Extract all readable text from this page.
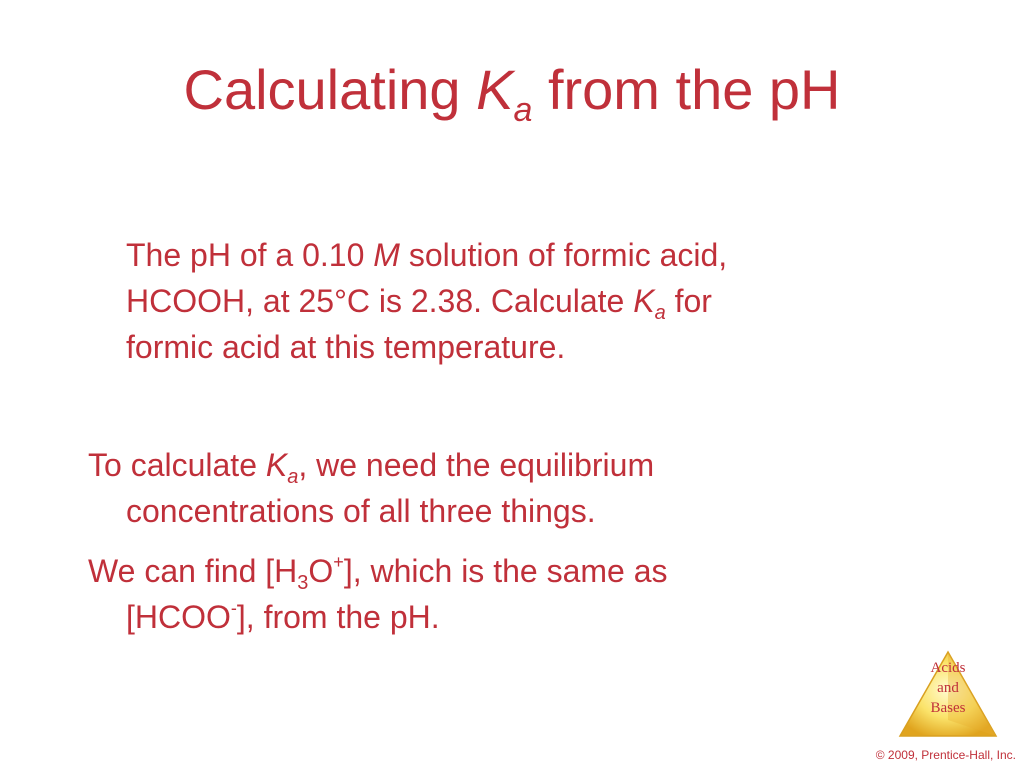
Calculating $K_a$ from the pH
The pH of a 0.10 M solution of formic acid,
HCOOH, at 25°C is 2.38. Calculate $K_a$ for
formic acid at this temperature.
To calculate $K_a$, we need the equilibrium
concentrations of all three things.
We can find $[H_3O^+]$, which is the same as
[HCOO-], from the pH.
Acids
and
Bases
© 2009, Prentice-Hall, Inc.
